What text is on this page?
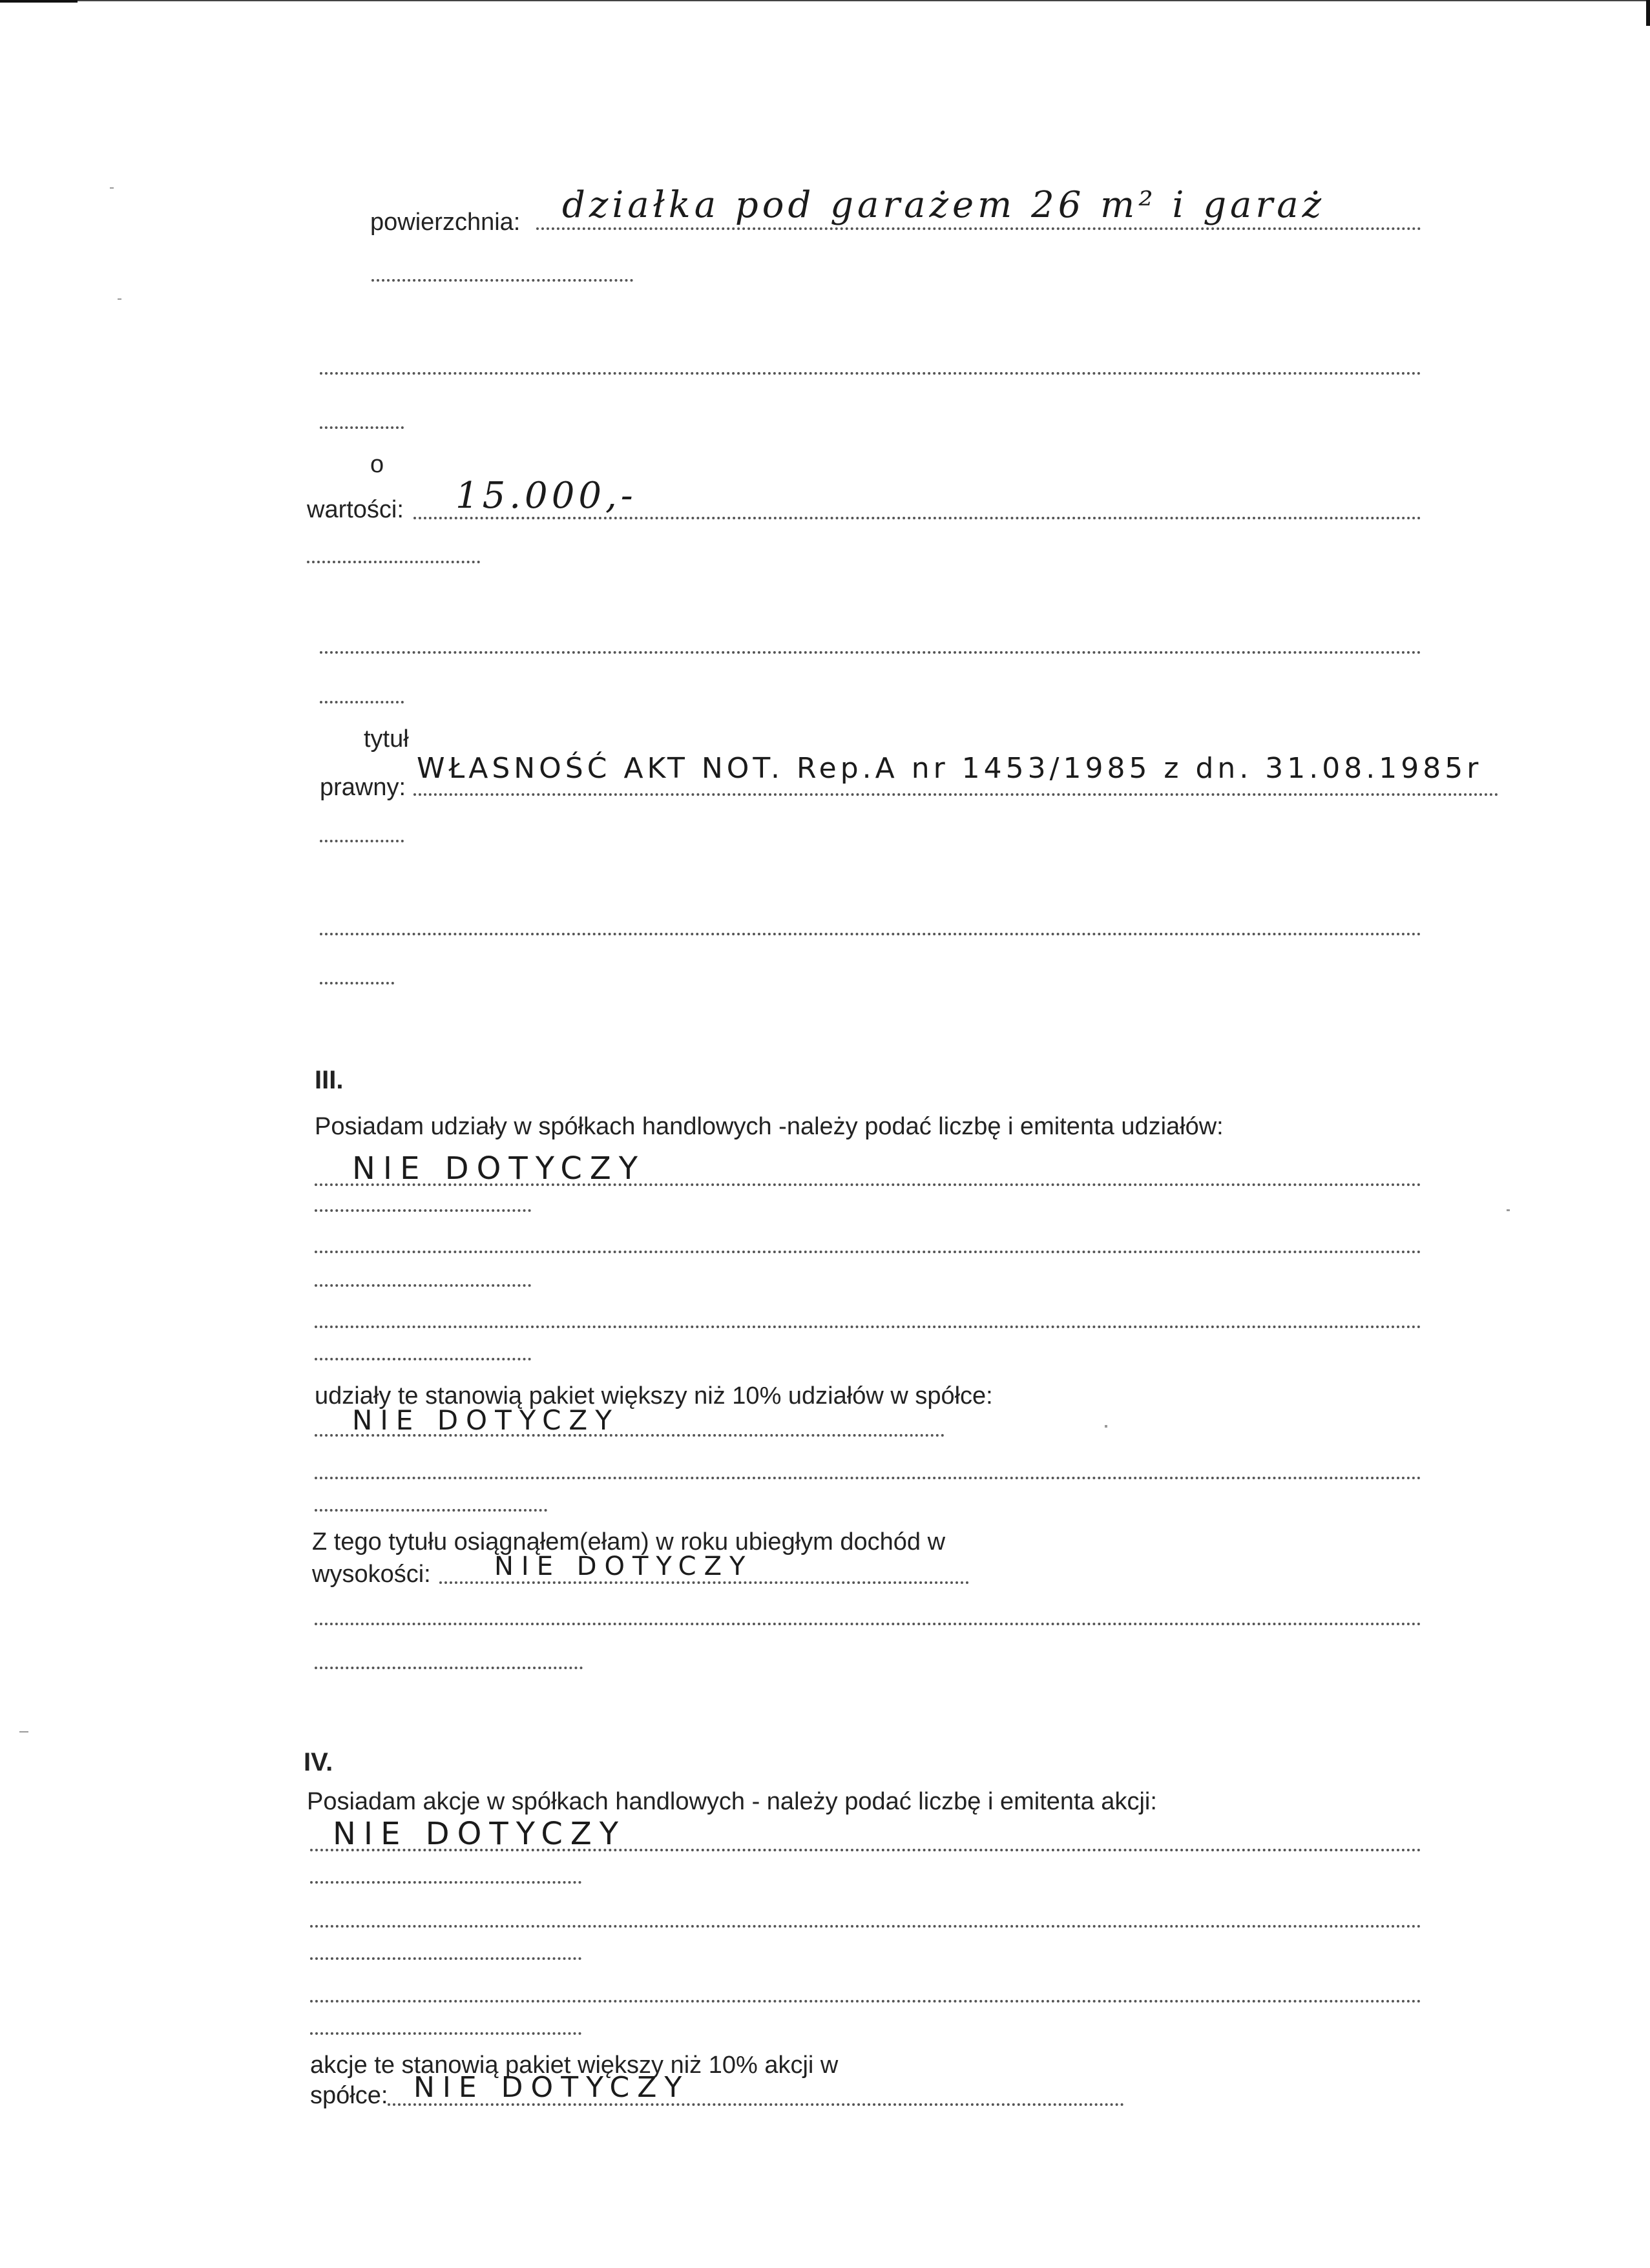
powierzchnia: działka pod garażem 26 m² i garaż
o
wartości: 15.000,-
tytuł
prawny:
WŁASNOŚĆ AKT NOT. Rep.A nr 1453/1985 z dn. 31.08.1985r
III.
Posiadam udziały w spółkach handlowych -należy podać liczbę i emitenta udziałów:
NIE DOTYCZY
udziały te stanowią pakiet większy niż 10% udziałów w spółce:
NIE DOTYCZY
Z tego tytułu osiągnąłem(ełam) w roku ubiegłym dochód w
wysokości: NIE DOTYCZY
IV.
Posiadam akcje w spółkach handlowych - należy podać liczbę i emitenta akcji:
NIE DOTYCZY
akcje te stanowią pakiet większy niż 10% akcji w
spółce: NIE DOTYCZY
